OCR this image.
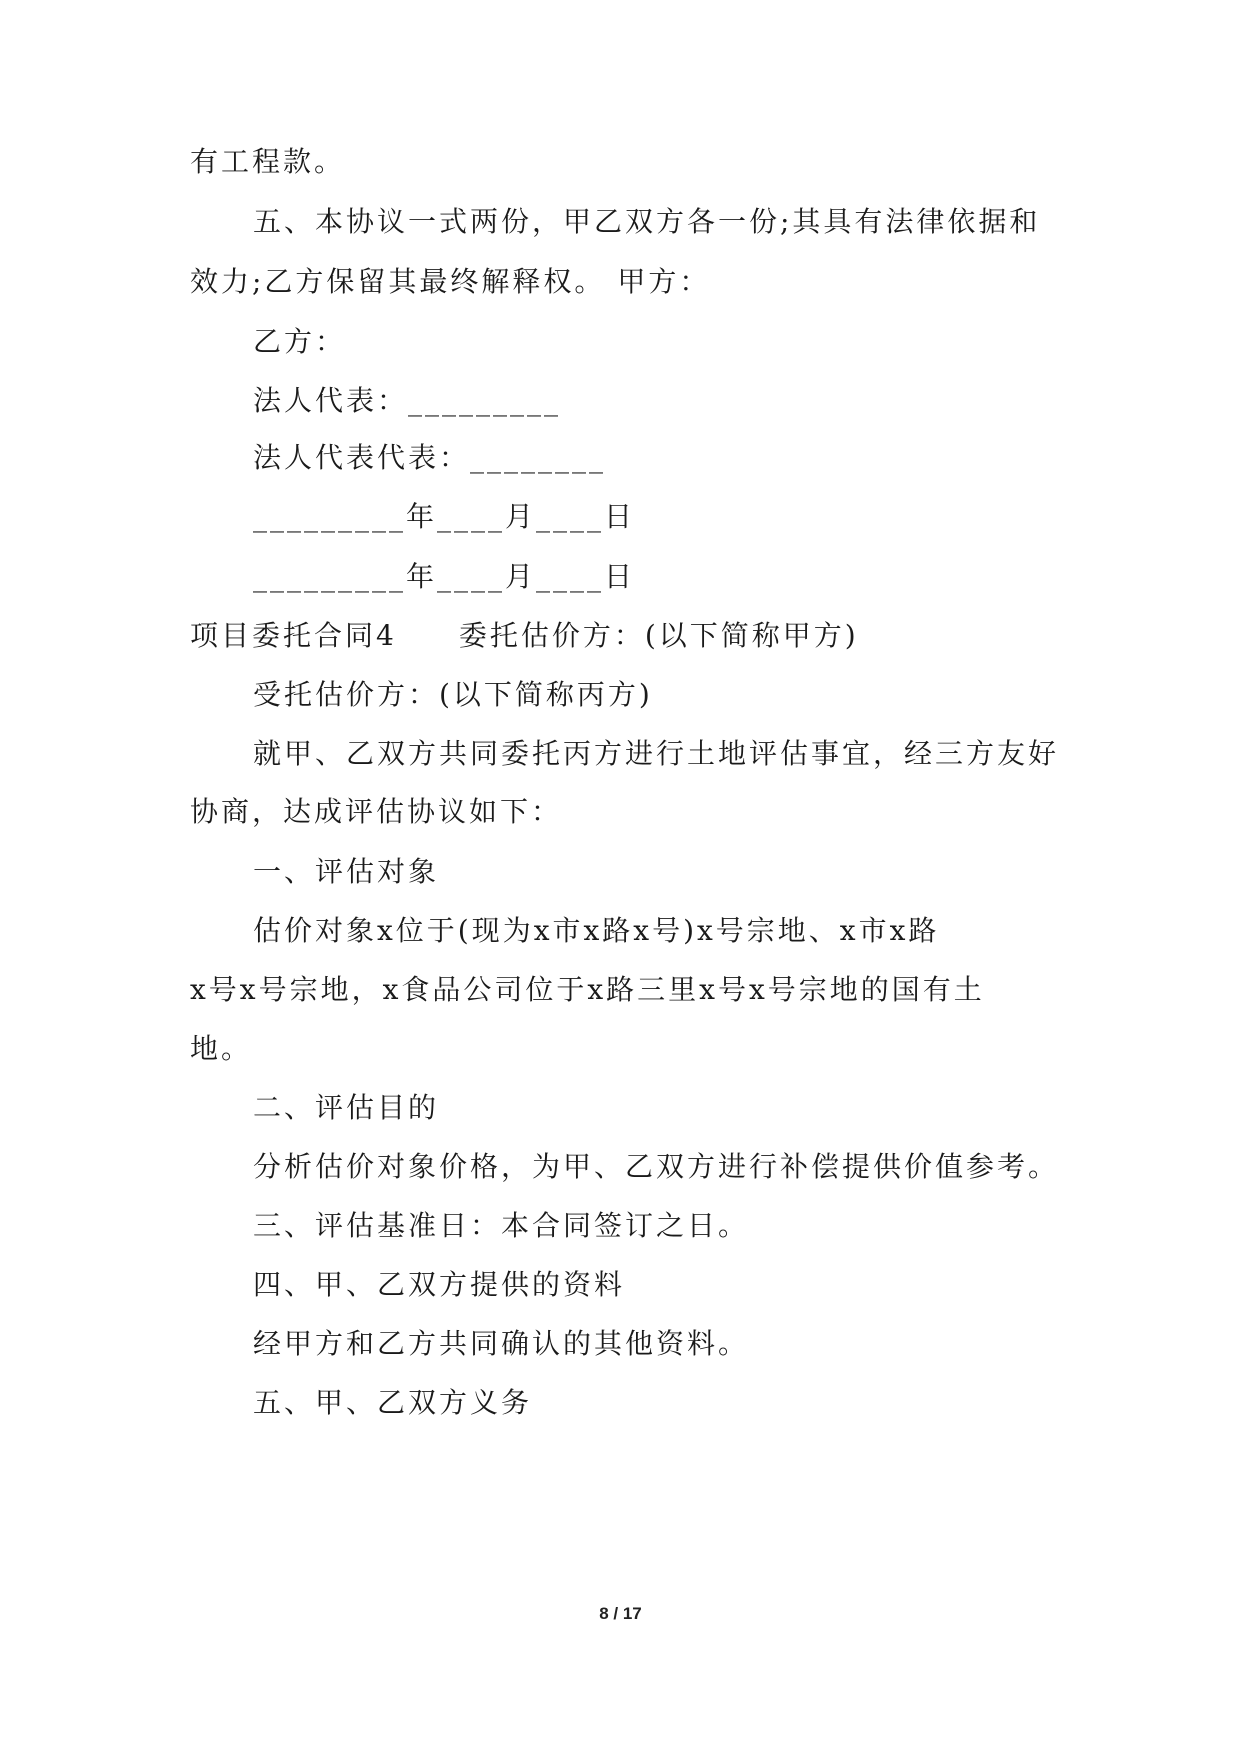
有工程款。
五、本协议一式两份，甲乙双方各一份;其具有法律依据和
效力;乙方保留其最终解释权。 甲方：
乙方：
法人代表：_________
法人代表代表：________
_________年____月____日
_________年____月____日
项目委托合同4　　委托估价方：(以下简称甲方)
受托估价方：(以下简称丙方)
就甲、乙双方共同委托丙方进行土地评估事宜，经三方友好
协商，达成评估协议如下：
一、评估对象
估价对象x位于(现为x市x路x号)x号宗地、x市x路
x号x号宗地，x食品公司位于x路三里x号x号宗地的国有土
地。
二、评估目的
分析估价对象价格，为甲、乙双方进行补偿提供价值参考。
三、评估基准日：本合同签订之日。
四、甲、乙双方提供的资料
经甲方和乙方共同确认的其他资料。
五、甲、乙双方义务
8 / 17
